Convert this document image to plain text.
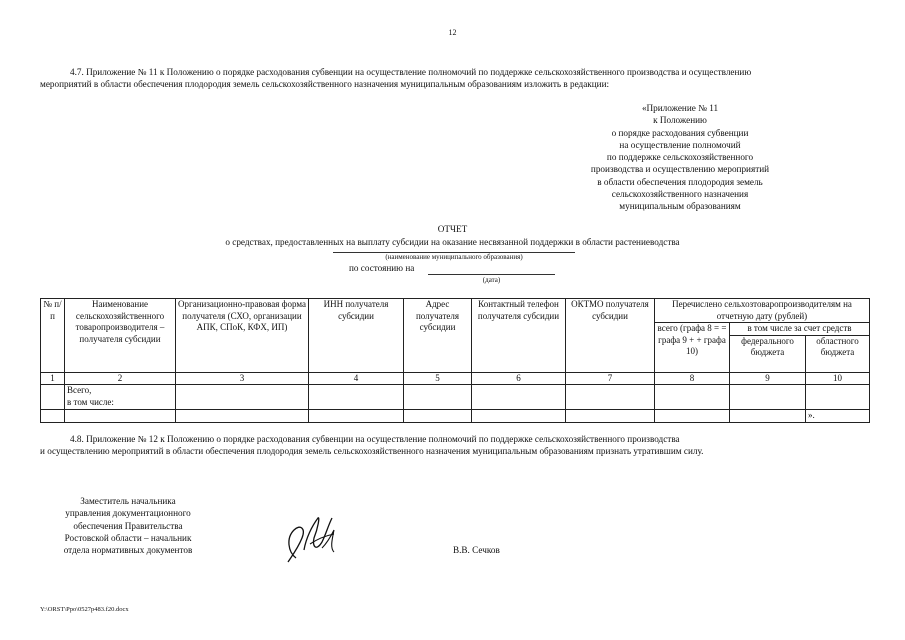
12
4.7. Приложение № 11 к Положению о порядке расходования субвенции на осуществление полномочий по поддержке сельскохозяйственного производства и осуществлению
мероприятий в области обеспечения плодородия земель сельскохозяйственного назначения муниципальным образованиям изложить в редакции:
«Приложение № 11
к Положению
о порядке расходования субвенции
на осуществление полномочий
по поддержке сельскохозяйственного
производства и осуществлению мероприятий
в области обеспечения плодородия земель
сельскохозяйственного назначения
муниципальным образованиям
ОТЧЕТ
о средствах, предоставленных на выплату субсидии на оказание несвязанной поддержки в области растениеводства
(наименование муниципального образования)
по состоянию на
(дата)
№ п/п	Наименование сельскохозяйственного товаропроизводителя – получателя субсидии	Организационно-правовая форма получателя (СХО, организации АПК, СПоК, КФХ, ИП)	ИНН получателя субсидии	Адрес получателя субсидии	Контактный телефон получателя субсидии	ОКТМО получателя субсидии	Перечислено сельхозтоваропроизводителям на отчетную дату (рублей)		
							всего (графа 8 = = графа 9 + + графа 10)	в том числе за счет средств	
								федерального бюджета	областного бюджета
1	2	3	4	5	6	7	8	9	10
	Всего,
в том числе:								
									».
4.8. Приложение № 12 к Положению о порядке расходования субвенции на осуществление полномочий по поддержке сельскохозяйственного производства
и осуществлению мероприятий в области обеспечения плодородия земель сельскохозяйственного назначения муниципальным образованиям признать утратившим силу.
Заместитель начальника
управления документационного
обеспечения Правительства
Ростовской области – начальник
отдела нормативных документов	В.В. Сечков
Y:\ORST\Ppo\0527p483.f20.docx
